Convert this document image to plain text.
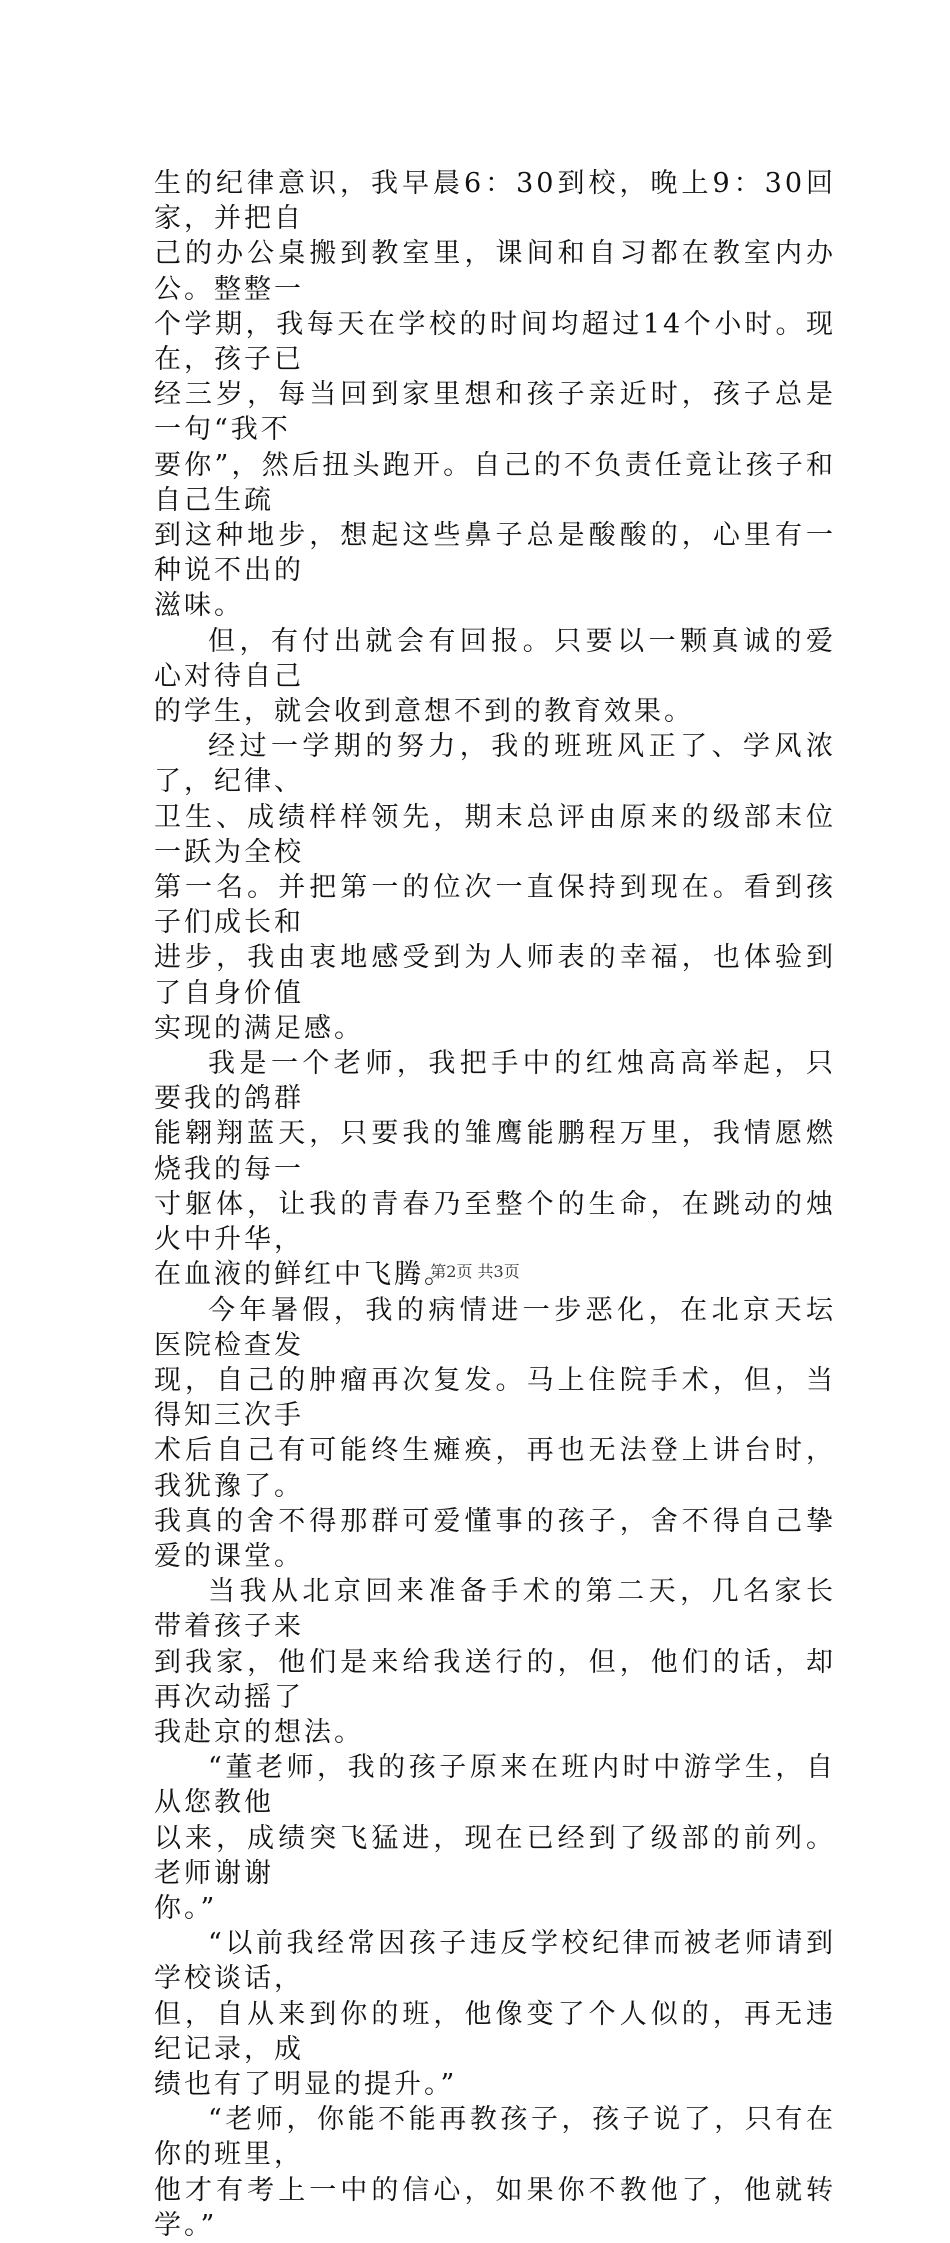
生的纪律意识，我早晨6：30到校，晚上9：30回家，并把自
己的办公桌搬到教室里，课间和自习都在教室内办公。整整一
个学期，我每天在学校的时间均超过14个小时。现在，孩子已
经三岁，每当回到家里想和孩子亲近时，孩子总是一句“我不
要你”，然后扭头跑开。自己的不负责任竟让孩子和自己生疏
到这种地步，想起这些鼻子总是酸酸的，心里有一种说不出的
滋味。

但，有付出就会有回报。只要以一颗真诚的爱心对待自己
的学生，就会收到意想不到的教育效果。

经过一学期的努力，我的班班风正了、学风浓了，纪律、
卫生、成绩样样领先，期末总评由原来的级部末位一跃为全校
第一名。并把第一的位次一直保持到现在。看到孩子们成长和
进步，我由衷地感受到为人师表的幸福，也体验到了自身价值
实现的满足感。

我是一个老师，我把手中的红烛高高举起，只要我的鸽群
能翱翔蓝天，只要我的雏鹰能鹏程万里，我情愿燃烧我的每一
寸躯体，让我的青春乃至整个的生命，在跳动的烛火中升华，
在血液的鲜红中飞腾。

今年暑假，我的病情进一步恶化，在北京天坛医院检查发
现，自己的肿瘤再次复发。马上住院手术，但，当得知三次手
术后自己有可能终生瘫痪，再也无法登上讲台时，我犹豫了。
我真的舍不得那群可爱懂事的孩子，舍不得自己挚爱的课堂。

当我从北京回来准备手术的第二天，几名家长带着孩子来
到我家，他们是来给我送行的，但，他们的话，却再次动摇了
我赴京的想法。

“董老师，我的孩子原来在班内时中游学生，自从您教他
以来，成绩突飞猛进，现在已经到了级部的前列。老师谢谢
你。”

“以前我经常因孩子违反学校纪律而被老师请到学校谈话，
但，自从来到你的班，他像变了个人似的，再无违纪记录，成
绩也有了明显的提升。”

“老师，你能不能再教孩子，孩子说了，只有在你的班里，
他才有考上一中的信心，如果你不教他了，他就转学。”

第2页 共3页
